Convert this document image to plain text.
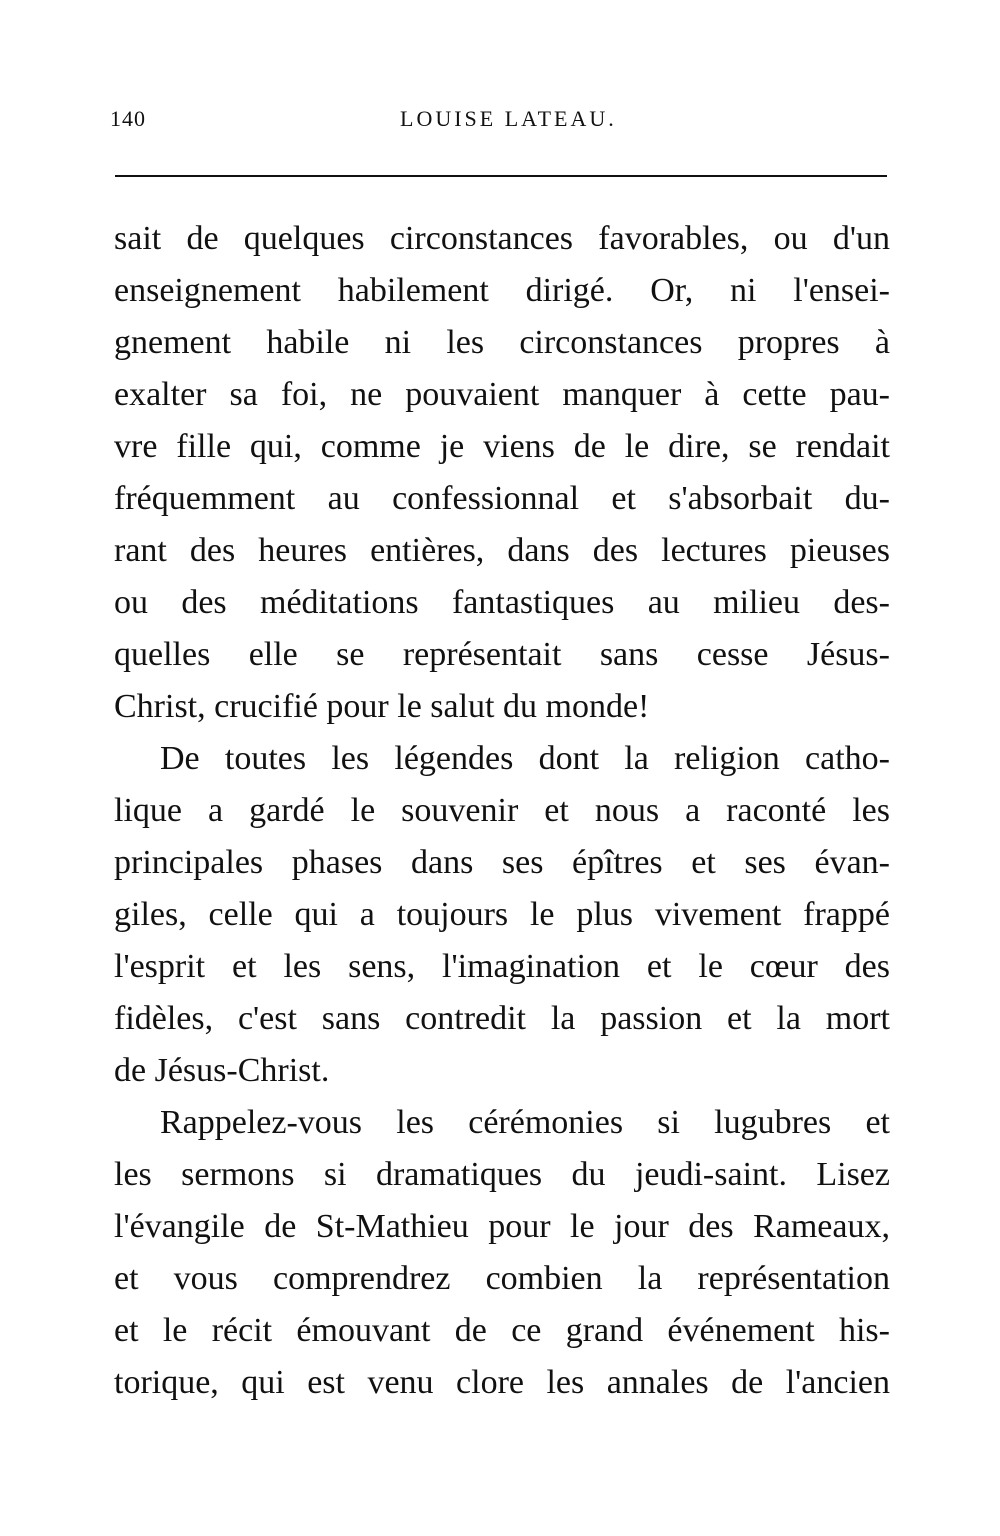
140	LOUISE LATEAU.
sait de quelques circonstances favorables, ou d'un
enseignement habilement dirigé. Or, ni l'ensei-
gnement habile ni les circonstances propres à
exalter sa foi, ne pouvaient manquer à cette pau-
vre fille qui, comme je viens de le dire, se rendait
fréquemment au confessionnal et s'absorbait du-
rant des heures entières, dans des lectures pieuses
ou des méditations fantastiques au milieu des-
quelles elle se représentait sans cesse Jésus-
Christ, crucifié pour le salut du monde!
De toutes les légendes dont la religion catho-
lique a gardé le souvenir et nous a raconté les
principales phases dans ses épîtres et ses évan-
giles, celle qui a toujours le plus vivement frappé
l'esprit et les sens, l'imagination et le cœur des
fidèles, c'est sans contredit la passion et la mort
de Jésus-Christ.
Rappelez-vous les cérémonies si lugubres et
les sermons si dramatiques du jeudi-saint. Lisez
l'évangile de St-Mathieu pour le jour des Rameaux,
et vous comprendrez combien la représentation
et le récit émouvant de ce grand événement his-
torique, qui est venu clore les annales de l'ancien
